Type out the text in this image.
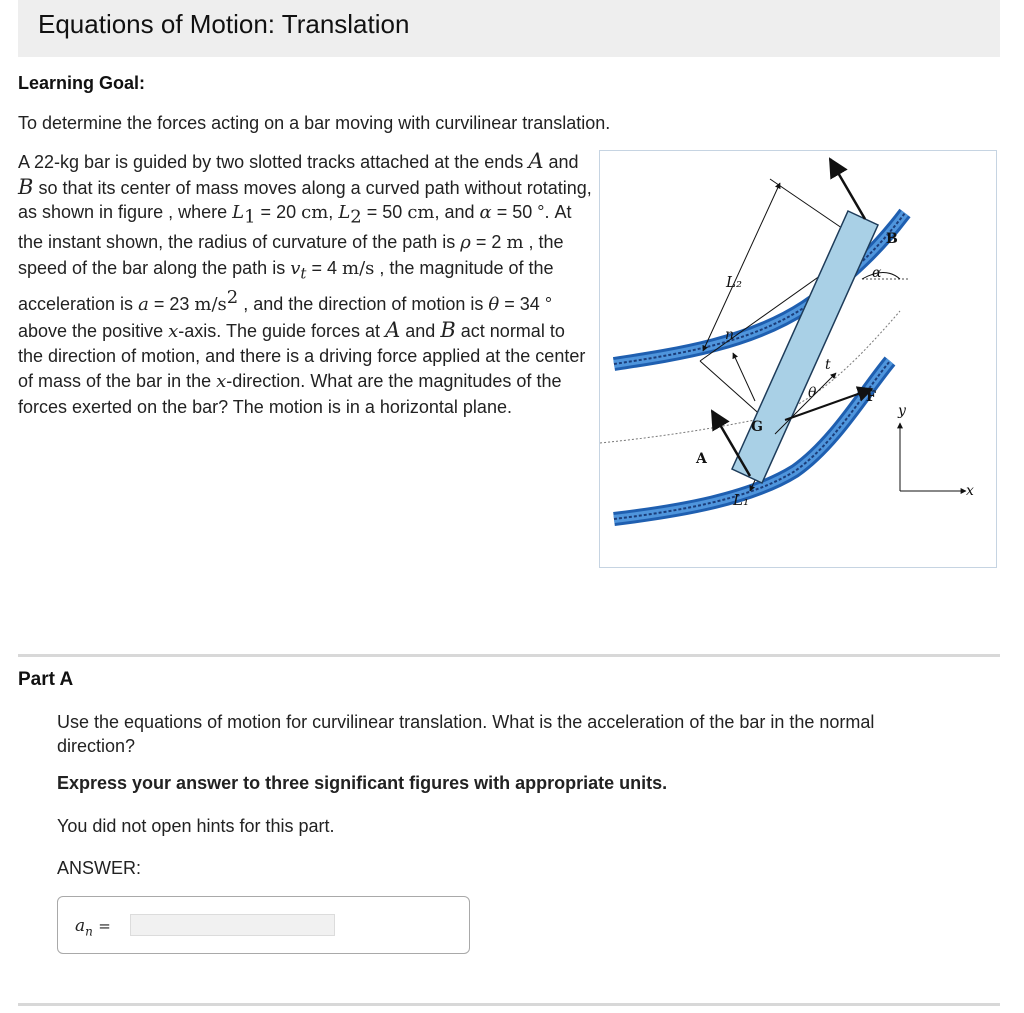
Equations of Motion: Translation
Learning Goal:
To determine the forces acting on a bar moving with curvilinear translation.
B
A
G
F
L₂
L₁
n
t
θ
α
y
x
A 22-kg bar is guided by two slotted tracks attached at the ends A and B so that its center of mass moves along a curved path without rotating, as shown in figure , where $L_1 = 20$ cm, $L_2 = 50$ cm, and α = 50 °. At the instant shown, the radius of curvature of the path is ρ = 2 m , the speed of the bar along the path is $v_t = 4$ m/s , the magnitude of the acceleration is a = 23 $m/s^2$ , and the direction of motion is θ = 34 ° above the positive x-axis. The guide forces at A and B act normal to the direction of motion, and there is a driving force applied at the center of mass of the bar in the x-direction. What are the magnitudes of the forces exerted on the bar? The motion is in a horizontal plane.
Part A
Use the equations of motion for curvilinear translation. What is the acceleration of the bar in the normal direction?
Express your answer to three significant figures with appropriate units.
You did not open hints for this part.
ANSWER:
$a_n$ =
